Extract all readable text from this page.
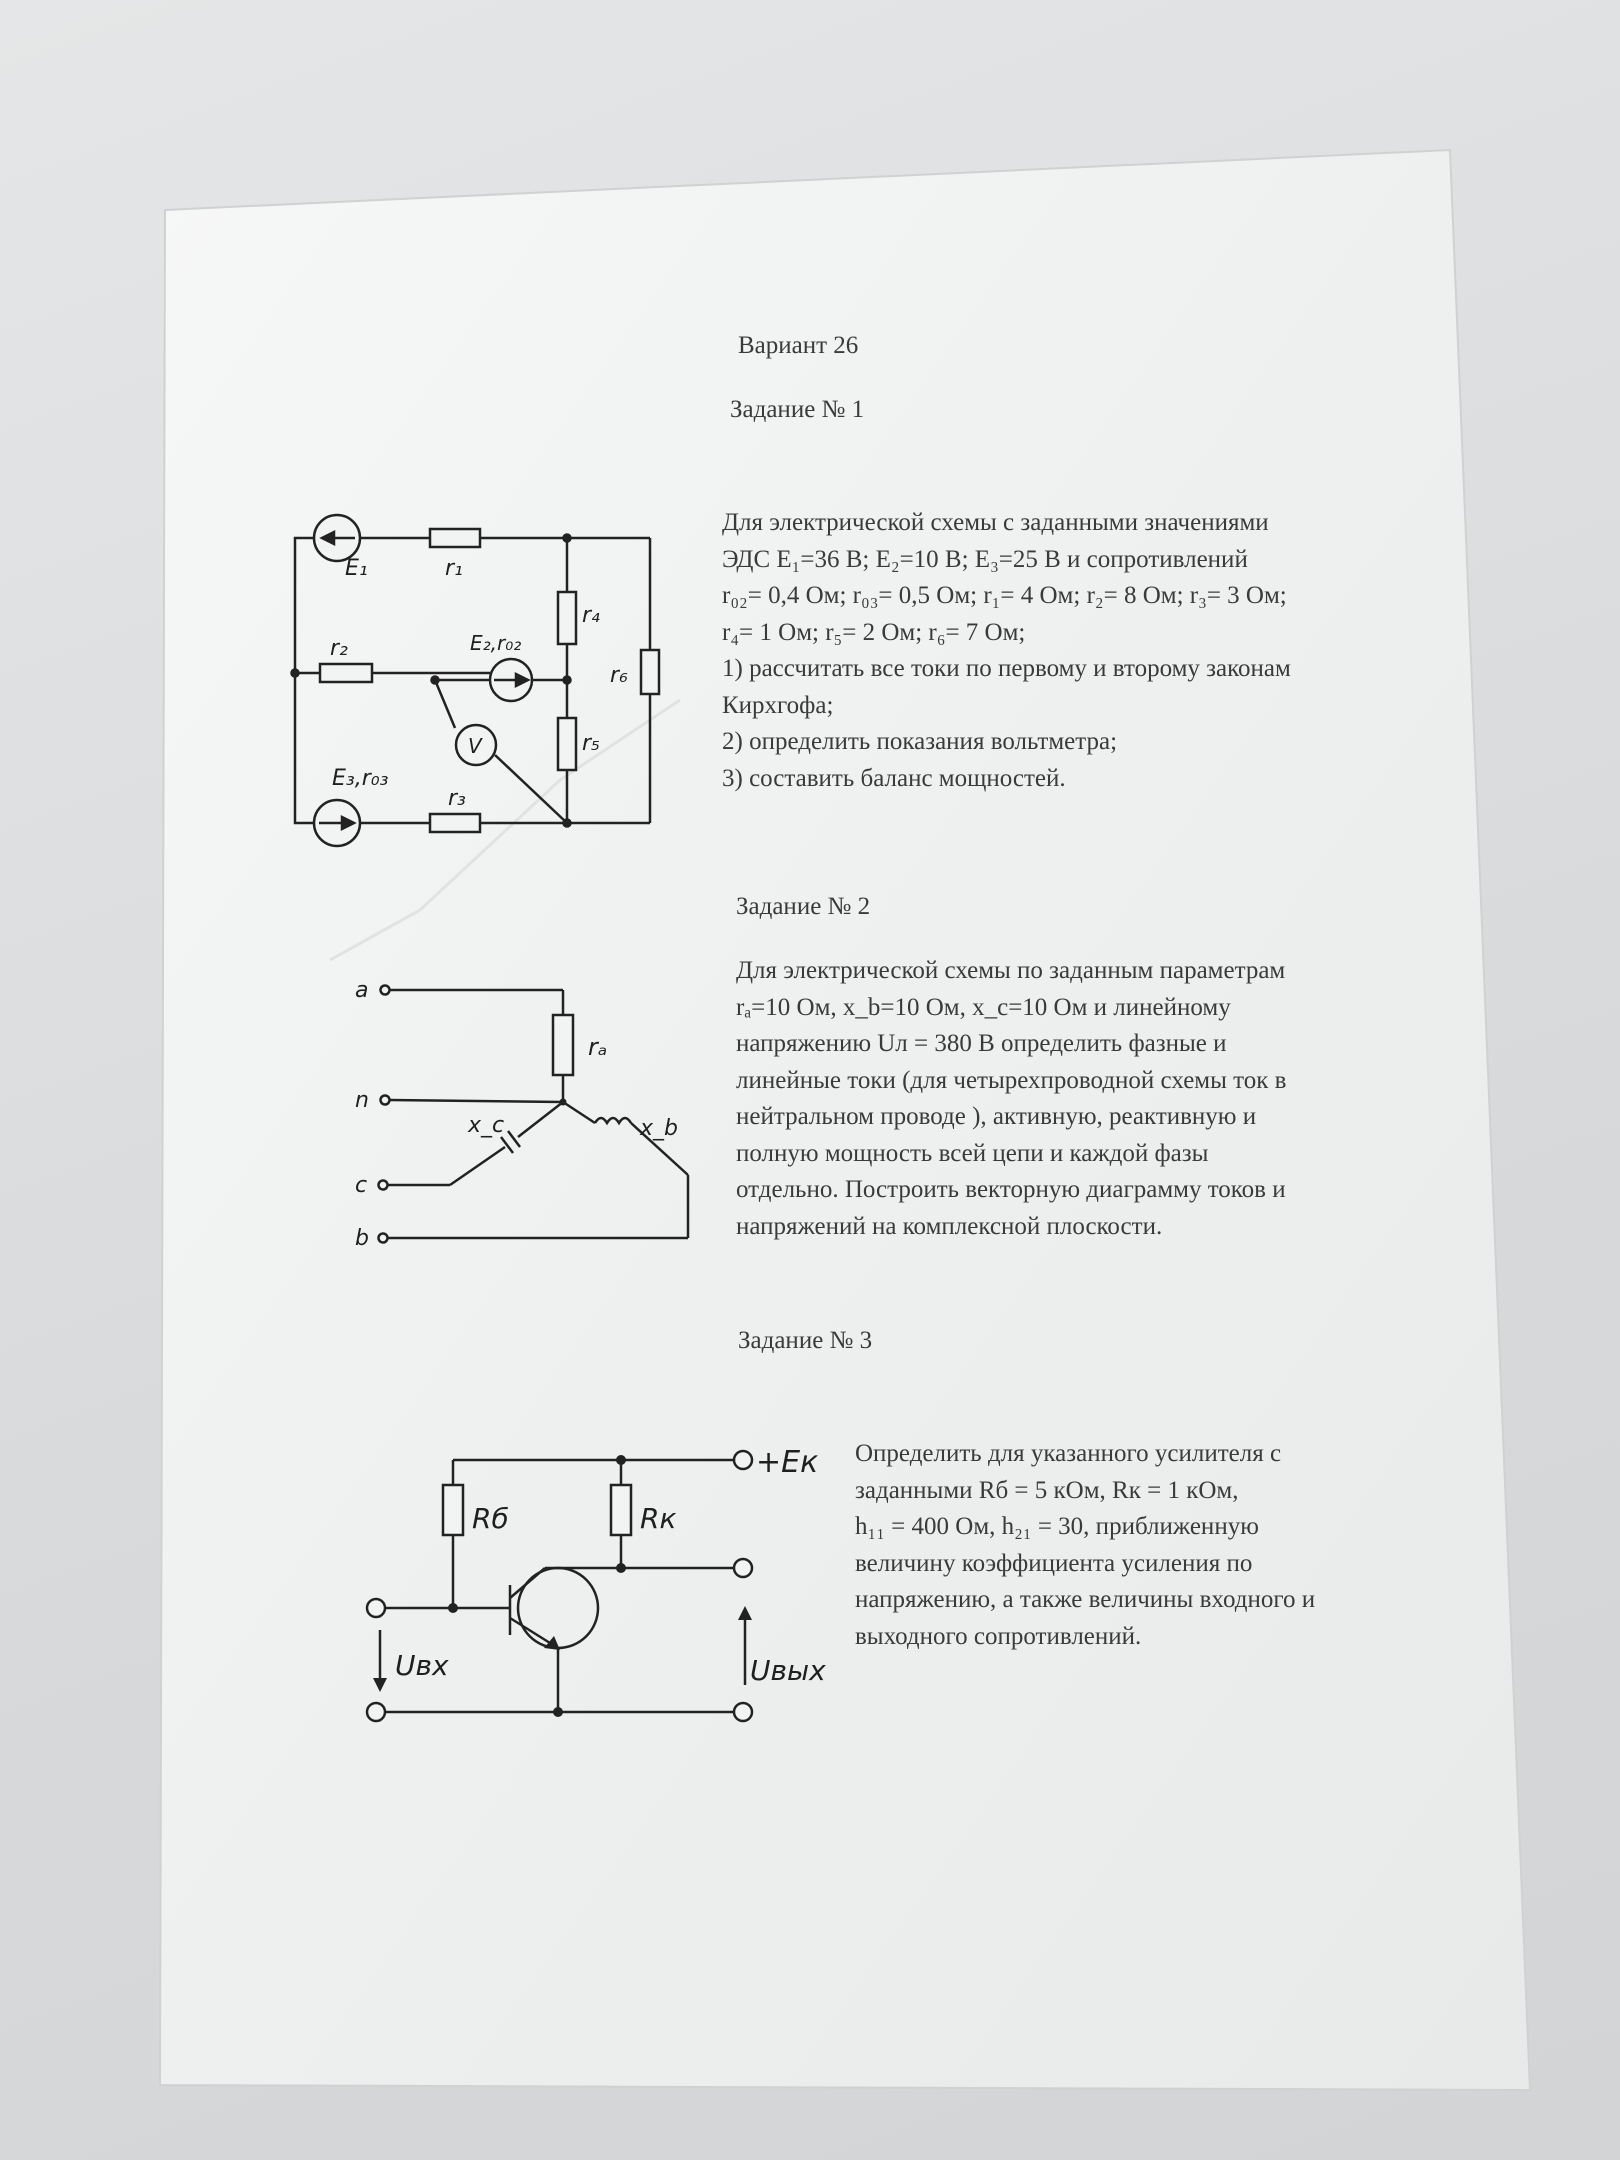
Вариант 26
Задание № 1
Для электрической схемы с заданными значениями
ЭДС E₁=36 В; E₂=10 В; E₃=25 В и сопротивлений
r₀₂= 0,4 Ом; r₀₃= 0,5 Ом; r₁= 4 Ом; r₂= 8 Ом; r₃= 3 Ом;
r₄= 1 Ом; r₅= 2 Ом; r₆= 7 Ом;
1) рассчитать все токи по первому и второму законам
Кирхгофа;
2) определить показания вольтметра;
3) составить баланс мощностей.
E₁	r₁
r₄
r₆
r₂	E₂,r₀₂
V	r₅
E₃,r₀₃
r₃
Задание № 2
Для электрической схемы по заданным параметрам
rₐ=10 Ом, x_b=10 Ом, x_c=10 Ом и линейному
напряжению Uл = 380 В определить фазные и
линейные токи (для четырехпроводной схемы ток в
нейтральном проводе ), активную, реактивную и
полную мощность всей цепи и каждой фазы
отдельно. Построить векторную диаграмму токов и
напряжений на комплексной плоскости.
a
n
c
b
rₐ
x_c	x_b
Задание № 3
Определить для указанного усилителя с
заданными Rб = 5 кОм, Rк = 1 кОм,
h₁₁ = 400 Ом, h₂₁ = 30, приближенную
величину коэффициента усиления по
напряжению, а также величины входного и
выходного сопротивлений.
+Eк
Rб	Rк
Uвх	Uвых
